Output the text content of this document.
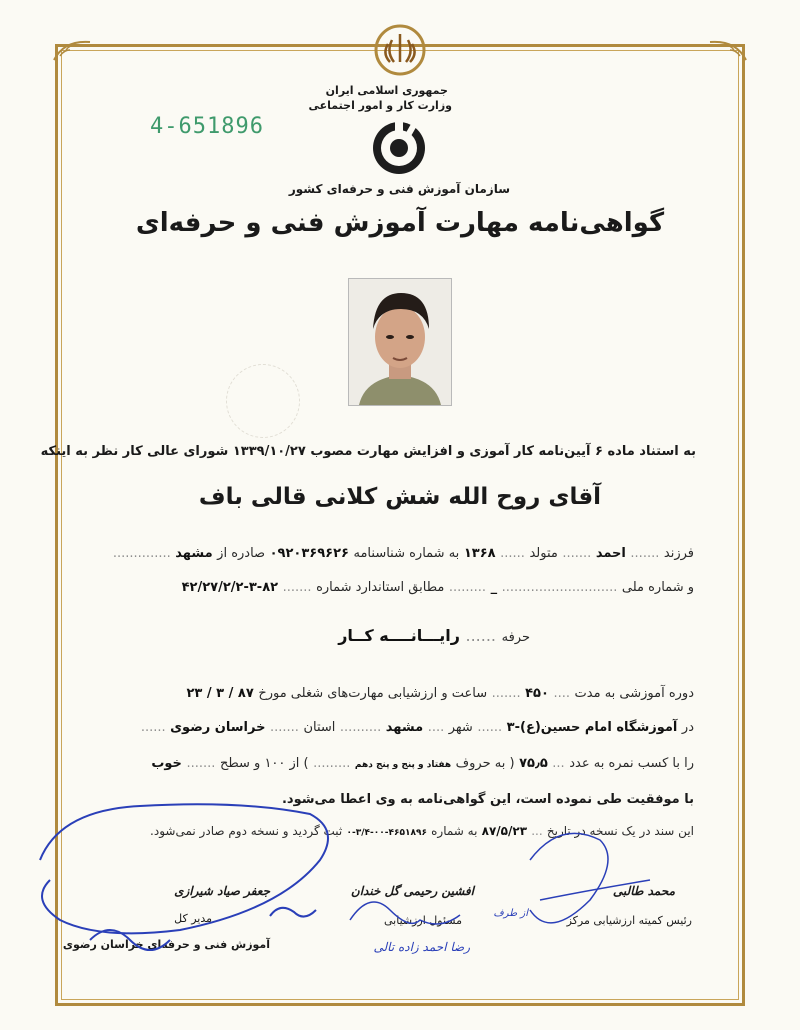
4-651896
جمهوری اسلامی ایران
وزارت کار و امور اجتماعی
سازمان آموزش فنی و حرفه‌ای کشور
گواهی‌نامه مهارت آموزش فنی و حرفه‌ای
به استناد ماده ۶ آیین‌نامه کار آموزی و افزایش مهارت مصوب ۱۳۳۹/۱۰/۲۷ شورای عالی کار نظر به اینکه
آقای روح الله شش کلانی قالی باف
فرزند ....... احمد ....... متولد ...... ۱۳۶۸ به شماره شناسنامه ۰۹۲۰۳۶۹۶۲۶ صادره از مشهد ..............
و شماره ملی ............................ _ ......... مطابق استاندارد شماره ....... ۸۲-۳-۴۲/۲۷/۲/۲
حرفه ...... رایـــانــــه کــار
دوره آموزشی به مدت .... ۴۵۰ ....... ساعت و ارزشیابی مهارت‌های شغلی مورخ ۸۷ / ۳ / ۲۳
در آموزشگاه امام حسین(ع)-۳ ...... شهر .... مشهد .......... استان ....... خراسان رضوی ......
را با کسب نمره به عدد ... ۷۵٫۵ ( به حروف هفتاد و پنج و پنج دهم ......... ) از ۱۰۰ و سطح ....... خوب
با موفقیت طی نموده است، این گواهی‌نامه به وی اعطا می‌شود.
این سند در یک نسخه در تاریخ ... ۸۷/۵/۲۳ به شماره ۴۶۵۱۸۹۶-۰۰-۳/۴-۰ ثبت گردید و نسخه دوم صادر نمی‌شود.
محمد طالبی
رئیس کمیته ارزشیابی مرکز
افشین رحیمی گل خندان
مسئول ارزشیابی
جعفر صیاد شیرازی
مدیر کل
آموزش فنی و حرفه‌ای خراسان رضوی
از طرف
رضا احمد زاده تالی
